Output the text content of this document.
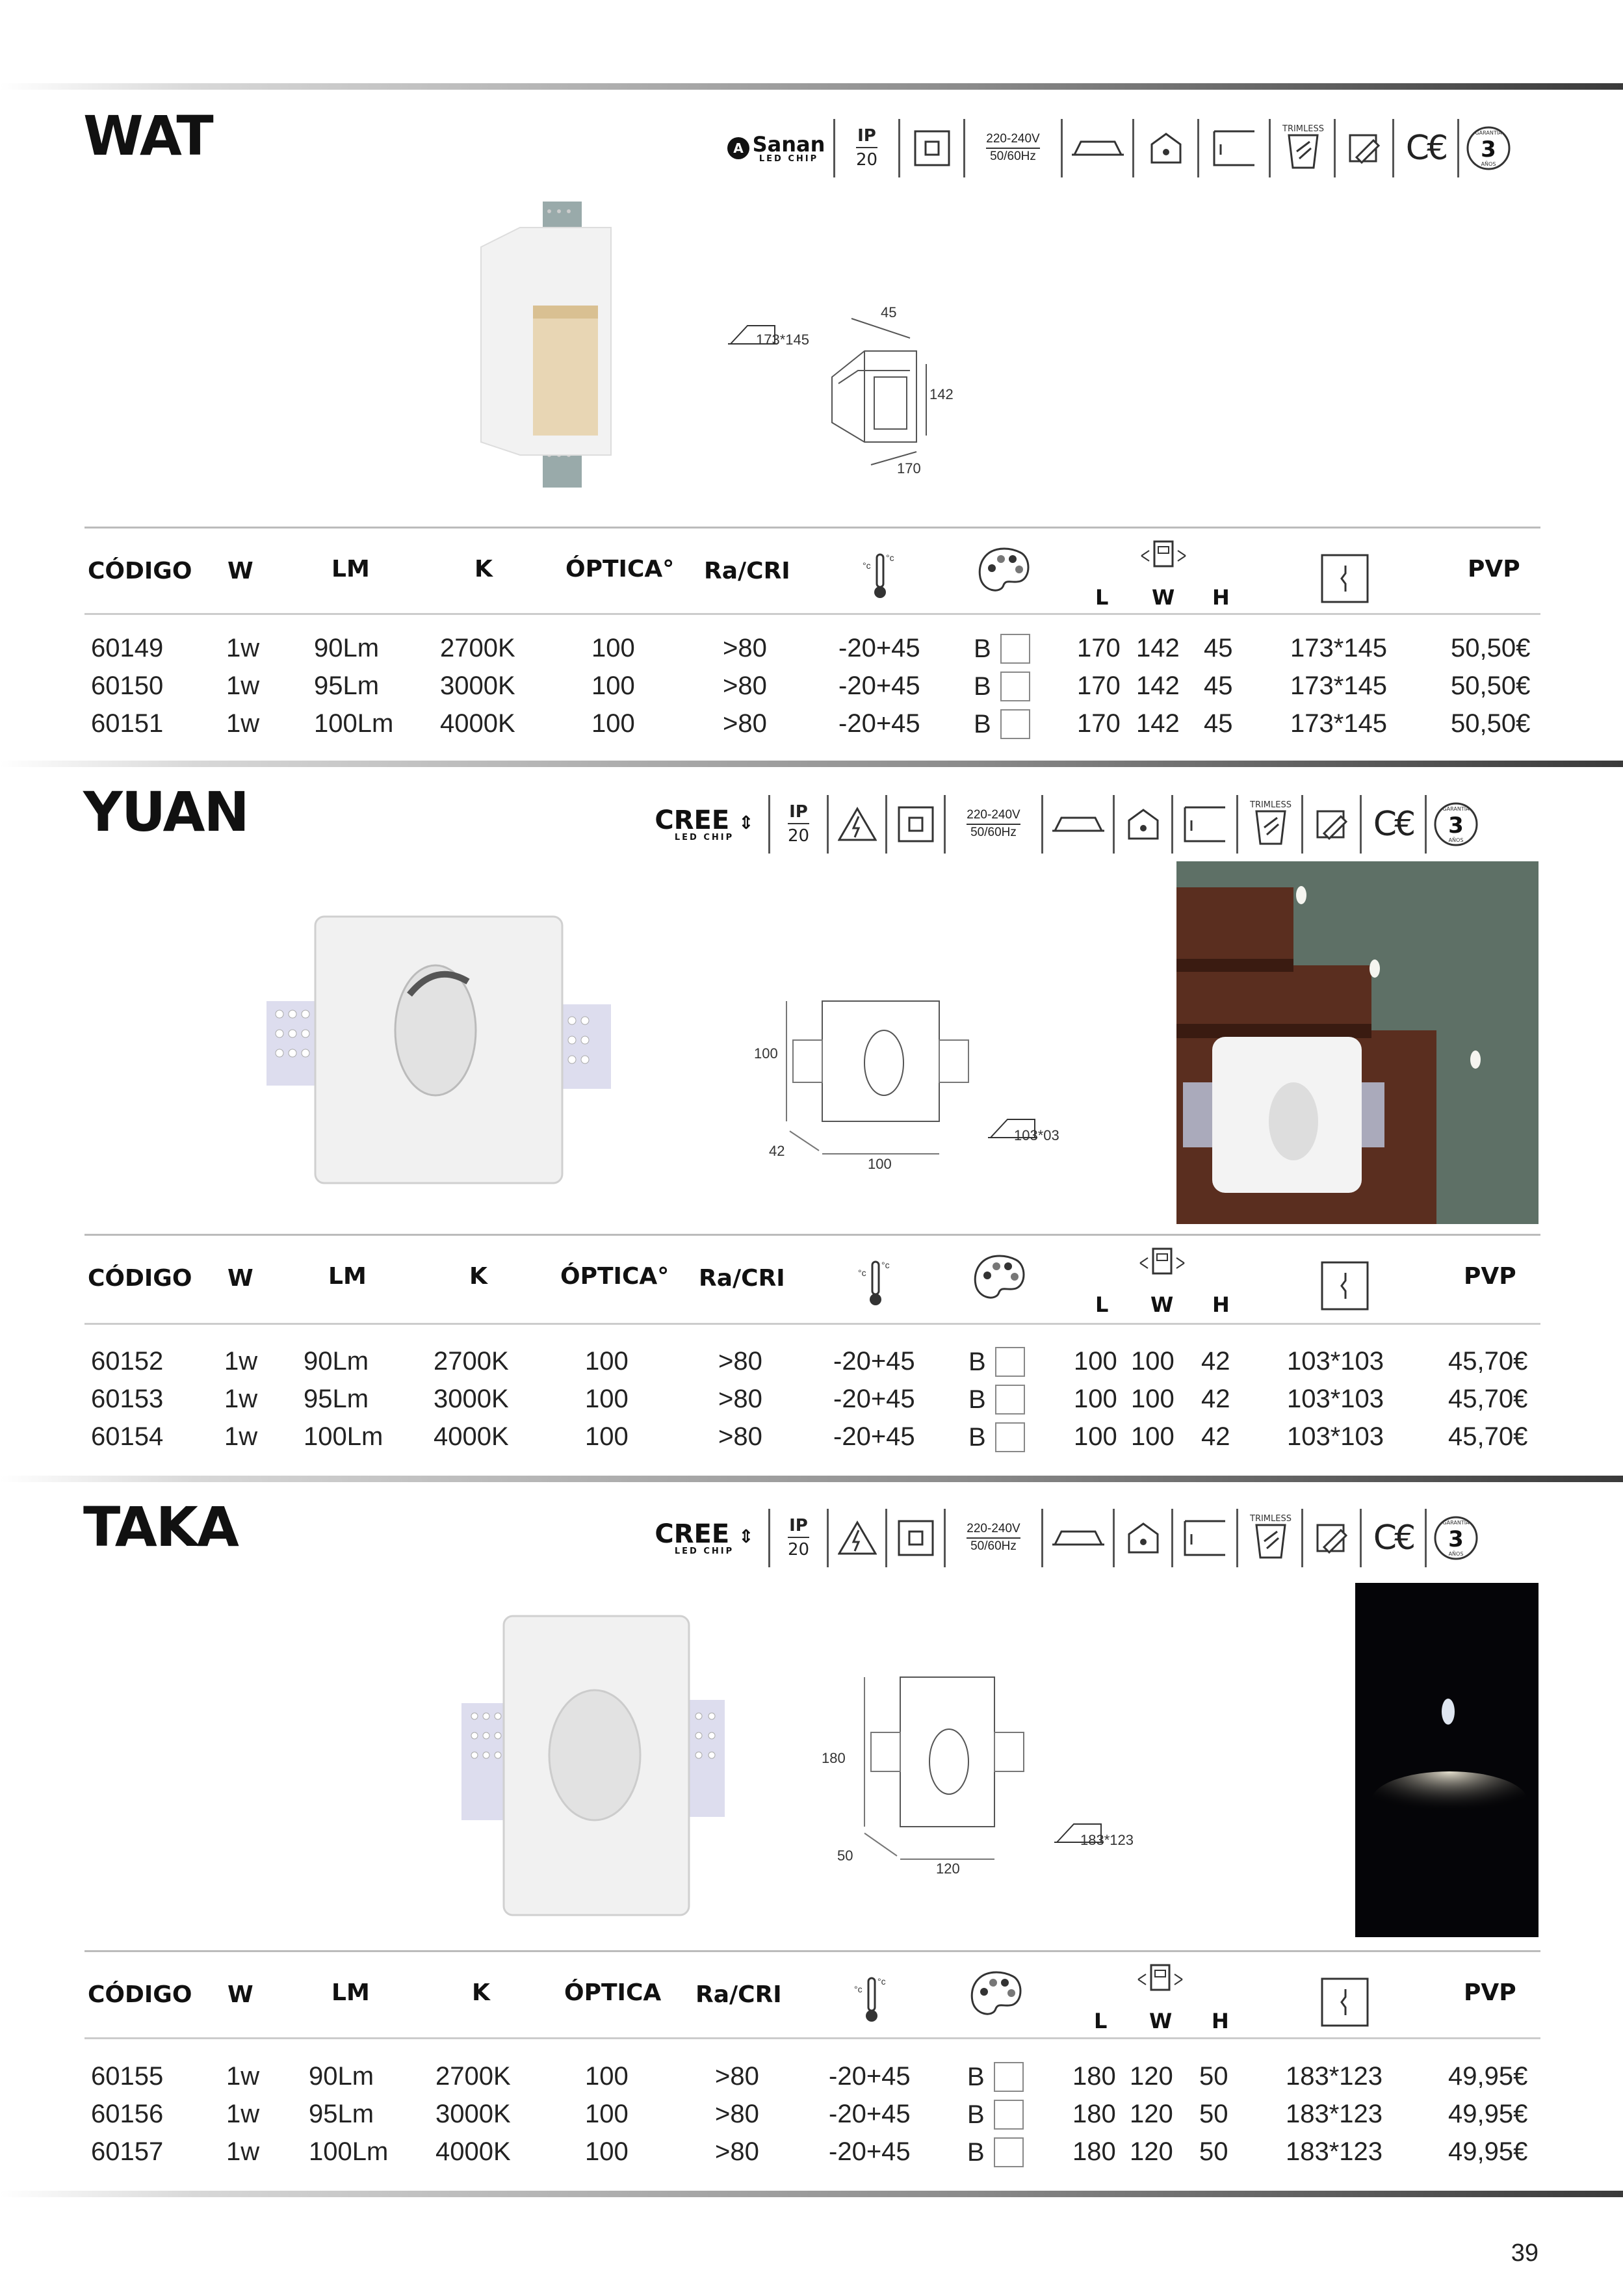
WAT	A Sanan
LED CHIP
IP
20
220-240V
50/60Hz
TRIMLESS	C€	3
GARANTÍA
AÑOS
173*145
45
142
170
CÓDIGO W	LM	K	ÓPTICA° Ra/CRI	°c
°c
L W H
PVP
60149 1w 90Lm 2700K	100	>80	-20+45 B	170 142 45 173*145 50,50€
60150 1w 95Lm 3000K	100	>80	-20+45 B	170 142 45 173*145 50,50€
60151 1w 100Lm 4000K	100	>80	-20+45 B	170 142 45 173*145 50,50€
YUAN	CREE ⇕
LED CHIP
IP
20
220-240V
50/60Hz
TRIMLESS	C€	3
GARANTÍA
AÑOS
100
42
100
103*03
CÓDIGO W	LM	K	ÓPTICA° Ra/CRI	°c
°c
L W H
PVP
60152 1w 90Lm 2700K	100	>80	-20+45 B	100 100 42 103*103 45,70€
60153 1w 95Lm 3000K	100	>80	-20+45 B	100 100 42 103*103 45,70€
60154 1w 100Lm 4000K	100	>80	-20+45 B	100 100 42 103*103 45,70€
TAKA	CREE ⇕
LED CHIP
IP
20
220-240V
50/60Hz
TRIMLESS	C€	3
GARANTÍA
AÑOS
180
50
120
183*123
CÓDIGO W	LM	K	ÓPTICA Ra/CRI	°c
°c
L W H
PVP
60155 1w 90Lm 2700K	100	>80	-20+45 B	180 120 50 183*123	49,95€
60156 1w 95Lm 3000K	100	>80	-20+45 B	180 120 50 183*123	49,95€
60157 1w 100Lm 4000K	100	>80	-20+45 B	180 120 50 183*123	49,95€
39
